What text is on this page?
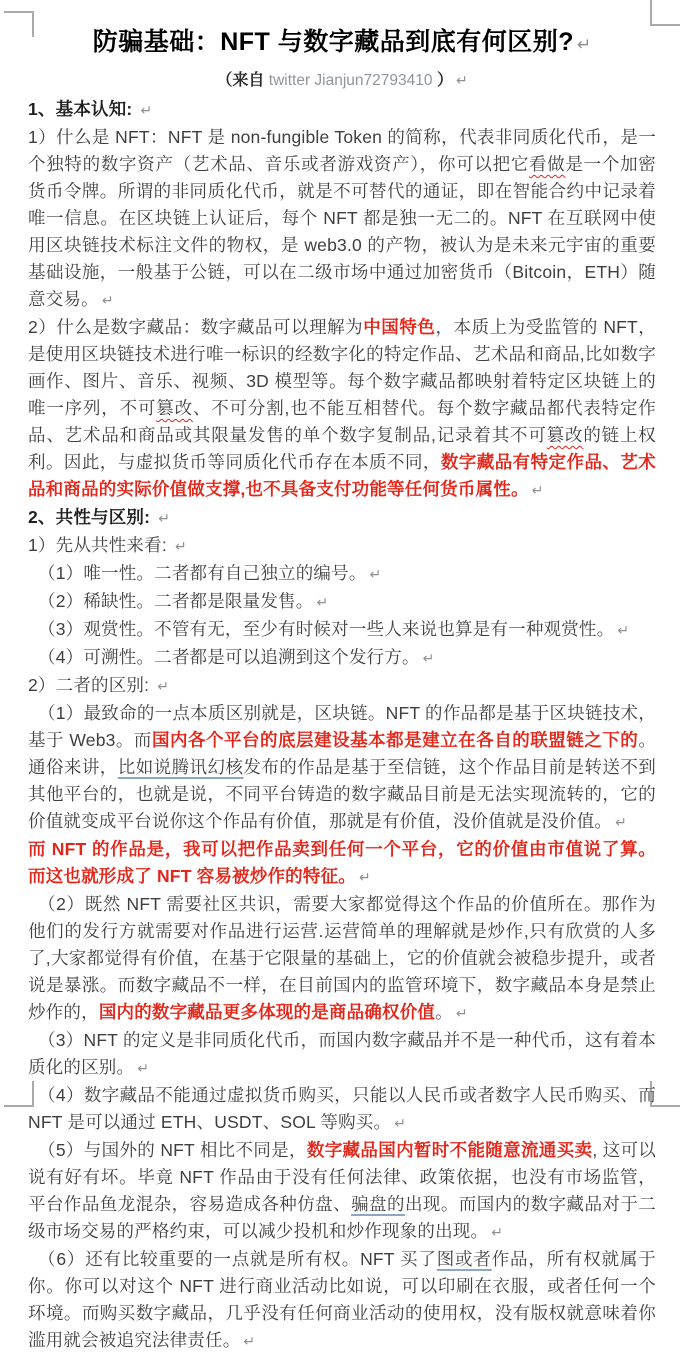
防骗基础：NFT 与数字藏品到底有何区别? ↵
（来自 twitter Jianjun72793410 ） ↵

1、基本认知: ↵

1）什么是 NFT：NFT 是 non-fungible Token 的简称，代表非同质化代币，是一个独特的数字资产（艺术品、音乐或者游戏资产），你可以把它看做是一个加密货币令牌。所谓的非同质化代币，就是不可替代的通证，即在智能合约中记录着唯一信息。在区块链上认证后，每个 NFT 都是独一无二的。NFT 在互联网中使用区块链技术标注文件的物权，是 web3.0 的产物，被认为是未来元宇宙的重要基础设施，一般基于公链，可以在二级市场中通过加密货币（Bitcoin，ETH）随意交易。 ↵

2）什么是数字藏品：数字藏品可以理解为中国特色，本质上为受监管的 NFT，是使用区块链技术进行唯一标识的经数字化的特定作品、艺术品和商品,比如数字画作、图片、音乐、视频、3D 模型等。每个数字藏品都映射着特定区块链上的唯一序列，不可篡改、不可分割,也不能互相替代。每个数字藏品都代表特定作品、艺术品和商品或其限量发售的单个数字复制品,记录着其不可篡改的链上权利。因此，与虚拟货币等同质化代币存在本质不同，数字藏品有特定作品、艺术品和商品的实际价值做支撑,也不具备支付功能等任何货币属性。 ↵

2、共性与区别: ↵

1）先从共性来看: ↵

（1）唯一性。二者都有自己独立的编号。 ↵

（2）稀缺性。二者都是限量发售。 ↵

（3）观赏性。不管有无，至少有时候对一些人来说也算是有一种观赏性。 ↵

（4）可溯性。二者都是可以追溯到这个发行方。 ↵

2）二者的区别: ↵

（1）最致命的一点本质区别就是，区块链。NFT 的作品都是基于区块链技术，基于 Web3。而国内各个平台的底层建设基本都是建立在各自的联盟链之下的。通俗来讲，比如说腾讯幻核发布的作品是基于至信链，这个作品目前是转送不到其他平台的，也就是说，不同平台铸造的数字藏品目前是无法实现流转的，它的价值就变成平台说你这个作品有价值，那就是有价值，没价值就是没价值。 ↵

而 NFT 的作品是，我可以把作品卖到任何一个平台，它的价值由市值说了算。而这也就形成了 NFT 容易被炒作的特征。 ↵

（2）既然 NFT 需要社区共识，需要大家都觉得这个作品的价值所在。那作为他们的发行方就需要对作品进行运营.运营简单的理解就是炒作,只有欣赏的人多了,大家都觉得有价值，在基于它限量的基础上，它的价值就会被稳步提升，或者说是暴涨。而数字藏品不一样，在目前国内的监管环境下，数字藏品本身是禁止炒作的，国内的数字藏品更多体现的是商品确权价值。 ↵

（3）NFT 的定义是非同质化代币，而国内数字藏品并不是一种代币，这有着本质化的区别。 ↵

（4）数字藏品不能通过虚拟货币购买，只能以人民币或者数字人民币购买、而 NFT 是可以通过 ETH、USDT、SOL 等购买。 ↵

（5）与国外的 NFT 相比不同是，数字藏品国内暂时不能随意流通买卖, 这可以说有好有坏。毕竟 NFT 作品由于没有任何法律、政策依据，也没有市场监管，平台作品鱼龙混杂，容易造成各种仿盘、骗盘的出现。而国内的数字藏品对于二级市场交易的严格约束，可以减少投机和炒作现象的出现。 ↵

（6）还有比较重要的一点就是所有权。NFT 买了图或者作品，所有权就属于你。你可以对这个 NFT 进行商业活动比如说，可以印刷在衣服，或者任何一个环境。而购买数字藏品，几乎没有任何商业活动的使用权，没有版权就意味着你滥用就会被追究法律责任。 ↵
